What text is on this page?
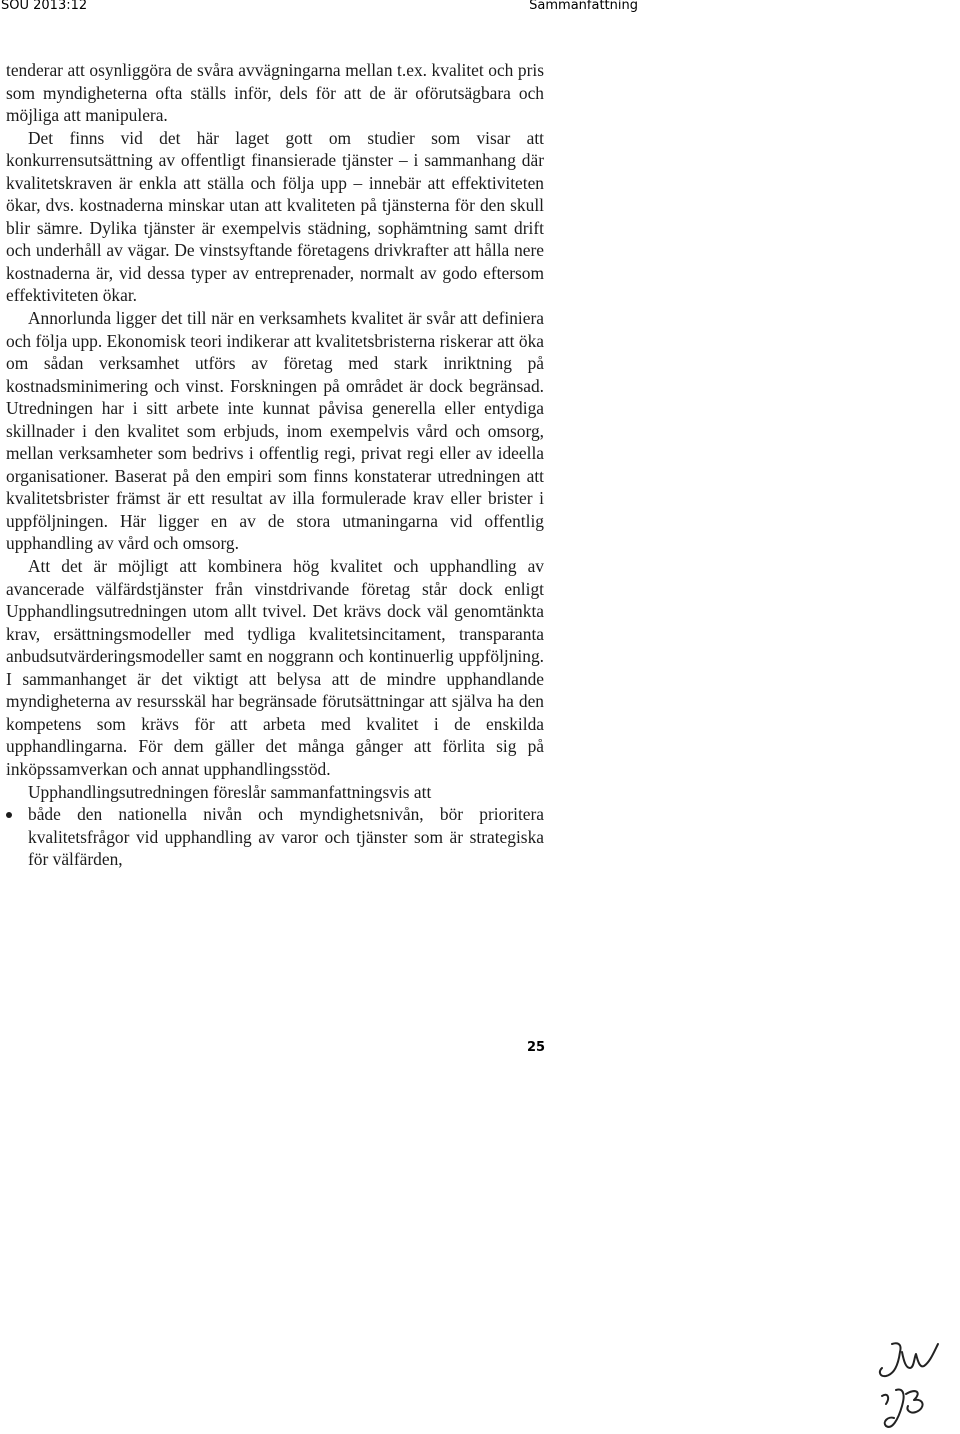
SOU 2013:12	Sammanfattning

tenderar att osynliggöra de svåra avvägningarna mellan t.ex. kvalitet och pris som myndigheterna ofta ställs inför, dels för att de är oförutsägbara och möjliga att manipulera.

Det finns vid det här laget gott om studier som visar att konkurrensutsättning av offentligt finansierade tjänster – i sammanhang där kvalitetskraven är enkla att ställa och följa upp – innebär att effektiviteten ökar, dvs. kostnaderna minskar utan att kvaliteten på tjänsterna för den skull blir sämre. Dylika tjänster är exempelvis städning, sophämtning samt drift och underhåll av vägar. De vinstsyftande företagens drivkrafter att hålla nere kostnaderna är, vid dessa typer av entreprenader, normalt av godo eftersom effektiviteten ökar.

Annorlunda ligger det till när en verksamhets kvalitet är svår att definiera och följa upp. Ekonomisk teori indikerar att kvalitetsbristerna riskerar att öka om sådan verksamhet utförs av företag med stark inriktning på kostnadsminimering och vinst. Forskningen på området är dock begränsad. Utredningen har i sitt arbete inte kunnat påvisa generella eller entydiga skillnader i den kvalitet som erbjuds, inom exempelvis vård och omsorg, mellan verksamheter som bedrivs i offentlig regi, privat regi eller av ideella organisationer. Baserat på den empiri som finns konstaterar utredningen att kvalitetsbrister främst är ett resultat av illa formulerade krav eller brister i uppföljningen. Här ligger en av de stora utmaningarna vid offentlig upphandling av vård och omsorg.

Att det är möjligt att kombinera hög kvalitet och upphandling av avancerade välfärdstjänster från vinstdrivande företag står dock enligt Upphandlingsutredningen utom allt tvivel. Det krävs dock väl genomtänkta krav, ersättningsmodeller med tydliga kvalitetsincitament, transparanta anbudsutvärderingsmodeller samt en noggrann och kontinuerlig uppföljning. I sammanhanget är det viktigt att belysa att de mindre upphandlande myndigheterna av resursskäl har begränsade förutsättningar att själva ha den kompetens som krävs för att arbeta med kvalitet i de enskilda upphandlingarna. För dem gäller det många gånger att förlita sig på inköpssamverkan och annat upphandlingsstöd.

Upphandlingsutredningen föreslår sammanfattningsvis att

både den nationella nivån och myndighetsnivån, bör prioritera kvalitetsfrågor vid upphandling av varor och tjänster som är strategiska för välfärden,
25
